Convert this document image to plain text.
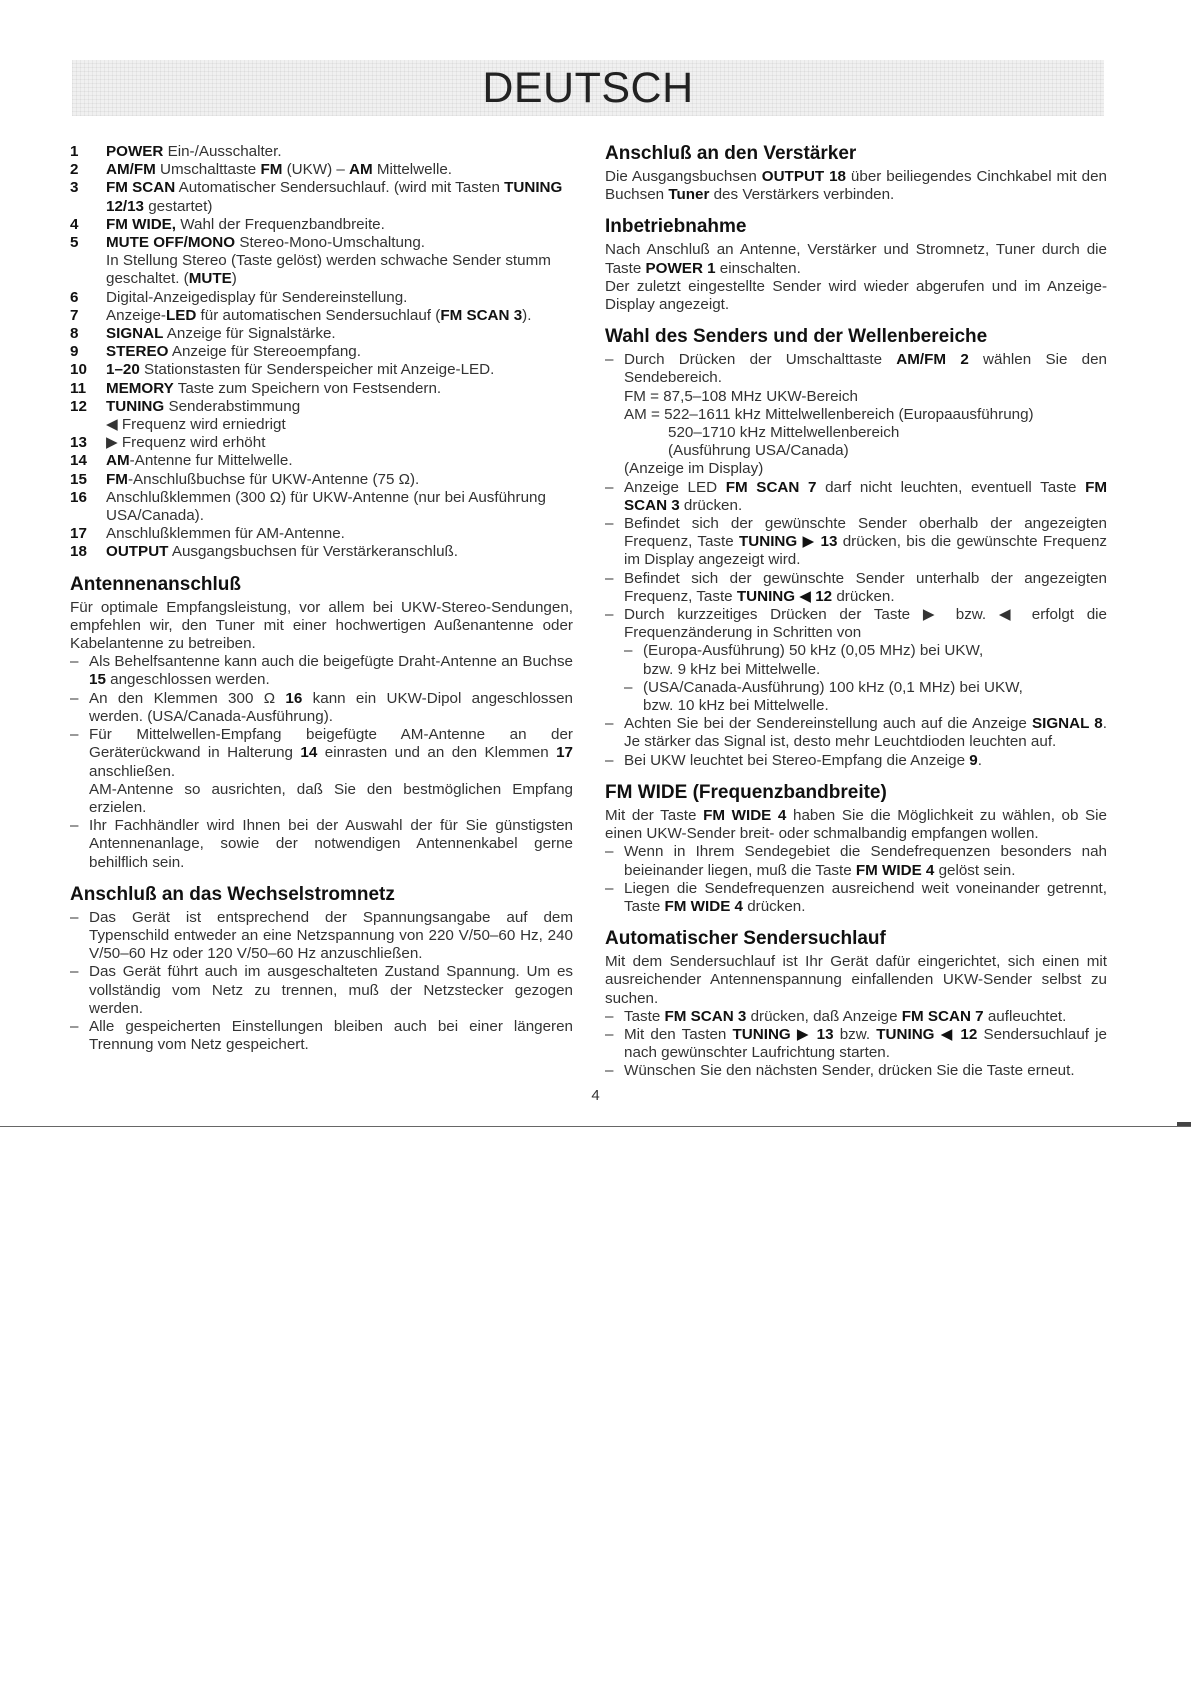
DEUTSCH
1	POWER Ein-/Ausschalter.
2	AM/FM Umschalttaste FM (UKW) – AM Mittelwelle.
3	FM SCAN Automatischer Sendersuchlauf. (wird mit Tasten TUNING 12/13 gestartet)
4	FM WIDE, Wahl der Frequenzbandbreite.
5	MUTE OFF/MONO Stereo-Mono-Umschaltung.
In Stellung Stereo (Taste gelöst) werden schwache Sender stumm geschaltet. (MUTE)
6	Digital-Anzeigedisplay für Sendereinstellung.
7	Anzeige-LED für automatischen Sendersuchlauf (FM SCAN 3).
8	SIGNAL Anzeige für Signalstärke.
9	STEREO Anzeige für Stereoempfang.
10	1–20 Stationstasten für Senderspeicher mit Anzeige-LED.
11	MEMORY Taste zum Speichern von Festsendern.
12	TUNING Senderabstimmung
◀ Frequenz wird erniedrigt
13	▶ Frequenz wird erhöht
14	AM-Antenne fur Mittelwelle.
15	FM-Anschlußbuchse für UKW-Antenne (75 Ω).
16	Anschlußklemmen (300 Ω) für UKW-Antenne (nur bei Ausführung USA/Canada).
17	Anschlußklemmen für AM-Antenne.
18	OUTPUT Ausgangsbuchsen für Verstärkeranschluß.
Antennenanschluß

Für optimale Empfangsleistung, vor allem bei UKW-Stereo-Sendungen, empfehlen wir, den Tuner mit einer hochwertigen Außenantenne oder Kabelantenne zu betreiben.

– Als Behelfsantenne kann auch die beigefügte Draht-Antenne an Buchse 15 angeschlossen werden.
– An den Klemmen 300 Ω 16 kann ein UKW-Dipol angeschlossen werden. (USA/Canada-Ausführung).
– Für Mittelwellen-Empfang beigefügte AM-Antenne an der Geräterückwand in Halterung 14 einrasten und an den Klemmen 17 anschließen.
AM-Antenne so ausrichten, daß Sie den bestmöglichen Empfang erzielen.
– Ihr Fachhändler wird Ihnen bei der Auswahl der für Sie günstigsten Antennenanlage, sowie der notwendigen Antennenkabel gerne behilflich sein.
Anschluß an das Wechselstromnetz
– Das Gerät ist entsprechend der Spannungsangabe auf dem Typenschild entweder an eine Netzspannung von 220 V/50–60 Hz, 240 V/50–60 Hz oder 120 V/50–60 Hz anzuschließen.
– Das Gerät führt auch im ausgeschalteten Zustand Spannung. Um es vollständig vom Netz zu trennen, muß der Netzstecker gezogen werden.
– Alle gespeicherten Einstellungen bleiben auch bei einer längeren Trennung vom Netz gespeichert.
Anschluß an den Verstärker

Die Ausgangsbuchsen OUTPUT 18 über beiliegendes Cinchkabel mit den Buchsen Tuner des Verstärkers verbinden.

Inbetriebnahme

Nach Anschluß an Antenne, Verstärker und Stromnetz, Tuner durch die Taste POWER 1 einschalten.

Der zuletzt eingestellte Sender wird wieder abgerufen und im Anzeige-Display angezeigt.

Wahl des Senders und der Wellenbereiche
– Durch Drücken der Umschalttaste AM/FM 2 wählen Sie den Sendebereich.
FM = 87,5–108 MHz UKW-Bereich
AM = 522–1611 kHz Mittelwellenbereich (Europaausführung)
520–1710 kHz Mittelwellenbereich
(Ausführung USA/Canada)
(Anzeige im Display)
– Anzeige LED FM SCAN 7 darf nicht leuchten, eventuell Taste FM SCAN 3 drücken.
– Befindet sich der gewünschte Sender oberhalb der angezeigten Frequenz, Taste TUNING ▶ 13 drücken, bis die gewünschte Frequenz im Display angezeigt wird.
– Befindet sich der gewünschte Sender unterhalb der angezeigten Frequenz, Taste TUNING ◀ 12 drücken.
– Durch kurzzeitiges Drücken der Taste ▶ bzw. ◀ erfolgt die Frequenzänderung in Schritten von
– (Europa-Ausführung) 50 kHz (0,05 MHz) bei UKW,
bzw. 9 kHz bei Mittelwelle.
– (USA/Canada-Ausführung) 100 kHz (0,1 MHz) bei UKW,
bzw. 10 kHz bei Mittelwelle.
– Achten Sie bei der Sendereinstellung auch auf die Anzeige SIGNAL 8. Je stärker das Signal ist, desto mehr Leuchtdioden leuchten auf.
– Bei UKW leuchtet bei Stereo-Empfang die Anzeige 9.
FM WIDE (Frequenzbandbreite)

Mit der Taste FM WIDE 4 haben Sie die Möglichkeit zu wählen, ob Sie einen UKW-Sender breit- oder schmalbandig empfangen wollen.

– Wenn in Ihrem Sendegebiet die Sendefrequenzen besonders nah beieinander liegen, muß die Taste FM WIDE 4 gelöst sein.
– Liegen die Sendefrequenzen ausreichend weit voneinander getrennt, Taste FM WIDE 4 drücken.
Automatischer Sendersuchlauf

Mit dem Sendersuchlauf ist Ihr Gerät dafür eingerichtet, sich einen mit ausreichender Antennenspannung einfallenden UKW-Sender selbst zu suchen.

– Taste FM SCAN 3 drücken, daß Anzeige FM SCAN 7 aufleuchtet.
– Mit den Tasten TUNING ▶ 13 bzw. TUNING ◀ 12 Sendersuchlauf je nach gewünschter Laufrichtung starten.
– Wünschen Sie den nächsten Sender, drücken Sie die Taste erneut.
4
